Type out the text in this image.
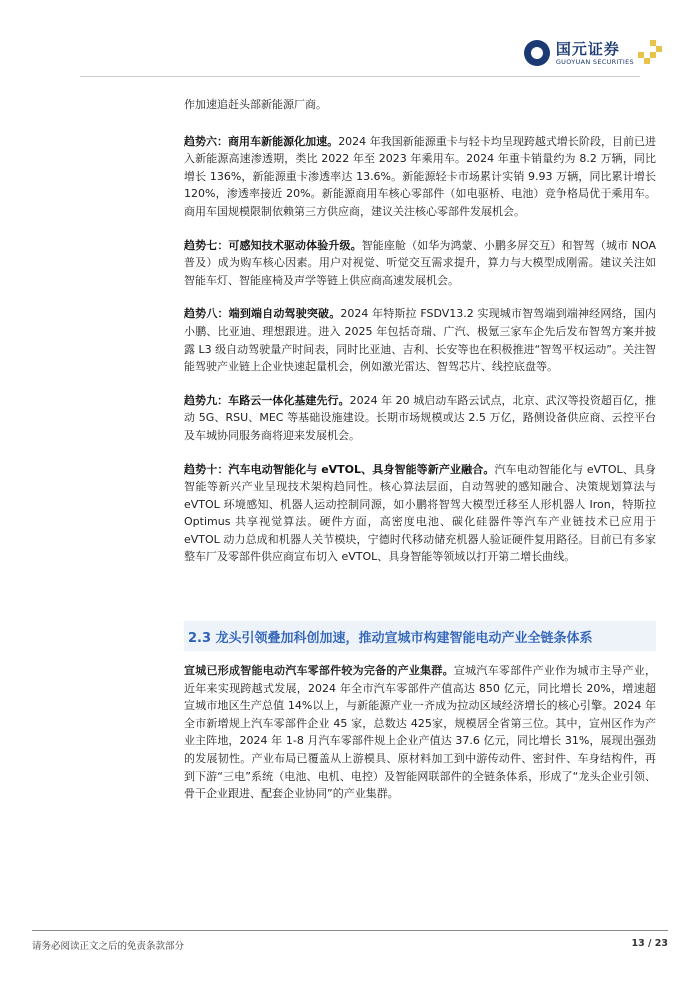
国元证券
GUOYUAN SECURITIES

作加速追赶头部新能源厂商。

趋势六：商用车新能源化加速。2024 年我国新能源重卡与轻卡均呈现跨越式增长阶段，目前已进入新能源高速渗透期，类比 2022 年至 2023 年乘用车。2024 年重卡销量约为 8.2 万辆，同比增长 136%，新能源重卡渗透率达 13.6%。新能源轻卡市场累计实销 9.93 万辆，同比累计增长 120%，渗透率接近 20%。新能源商用车核心零部件（如电驱桥、电池）竞争格局优于乘用车。商用车国规模限制依赖第三方供应商，建议关注核心零部件发展机会。

趋势七：可感知技术驱动体验升级。智能座舱（如华为鸿蒙、小鹏多屏交互）和智驾（城市 NOA 普及）成为购车核心因素。用户对视觉、听觉交互需求提升，算力与大模型成刚需。建议关注如智能车灯、智能座椅及声学等链上供应商高速发展机会。

趋势八：端到端自动驾驶突破。2024 年特斯拉 FSDV13.2 实现城市智驾端到端神经网络，国内小鹏、比亚迪、理想跟进。进入 2025 年包括奇瑞、广汽、极氪三家车企先后发布智驾方案并披露 L3 级自动驾驶量产时间表，同时比亚迪、吉利、长安等也在积极推进“智驾平权运动”。关注智能驾驶产业链上企业快速起量机会，例如激光雷达、智驾芯片、线控底盘等。

趋势九：车路云一体化基建先行。2024 年 20 城启动车路云试点，北京、武汉等投资超百亿，推动 5G、RSU、MEC 等基础设施建设。长期市场规模或达 2.5 万亿，路侧设备供应商、云控平台及车城协同服务商将迎来发展机会。

趋势十：汽车电动智能化与 eVTOL、具身智能等新产业融合。汽车电动智能化与 eVTOL、具身智能等新兴产业呈现技术架构趋同性。核心算法层面，自动驾驶的感知融合、决策规划算法与 eVTOL 环境感知、机器人运动控制同源，如小鹏将智驾大模型迁移至人形机器人 Iron，特斯拉 Optimus 共享视觉算法。硬件方面，高密度电池、碳化硅器件等汽车产业链技术已应用于 eVTOL 动力总成和机器人关节模块，宁德时代移动储充机器人验证硬件复用路径。目前已有多家整车厂及零部件供应商宣布切入 eVTOL、具身智能等领域以打开第二增长曲线。

2.3 龙头引领叠加科创加速，推动宣城市构建智能电动产业全链条体系

宣城已形成智能电动汽车零部件较为完备的产业集群。宣城汽车零部件产业作为城市主导产业，近年来实现跨越式发展，2024 年全市汽车零部件产值高达 850 亿元，同比增长 20%，增速超宣城市地区生产总值 14%以上，与新能源产业一齐成为拉动区域经济增长的核心引擎。2024 年全市新增规上汽车零部件企业 45 家，总数达 425家，规模居全省第三位。其中，宣州区作为产业主阵地，2024 年 1-8 月汽车零部件规上企业产值达 37.6 亿元，同比增长 31%，展现出强劲的发展韧性。产业布局已覆盖从上游模具、原材料加工到中游传动件、密封件、车身结构件，再到下游“三电”系统（电池、电机、电控）及智能网联部件的全链条体系，形成了“龙头企业引领、骨干企业跟进、配套企业协同”的产业集群。

请务必阅读正文之后的免责条款部分	13 / 23
